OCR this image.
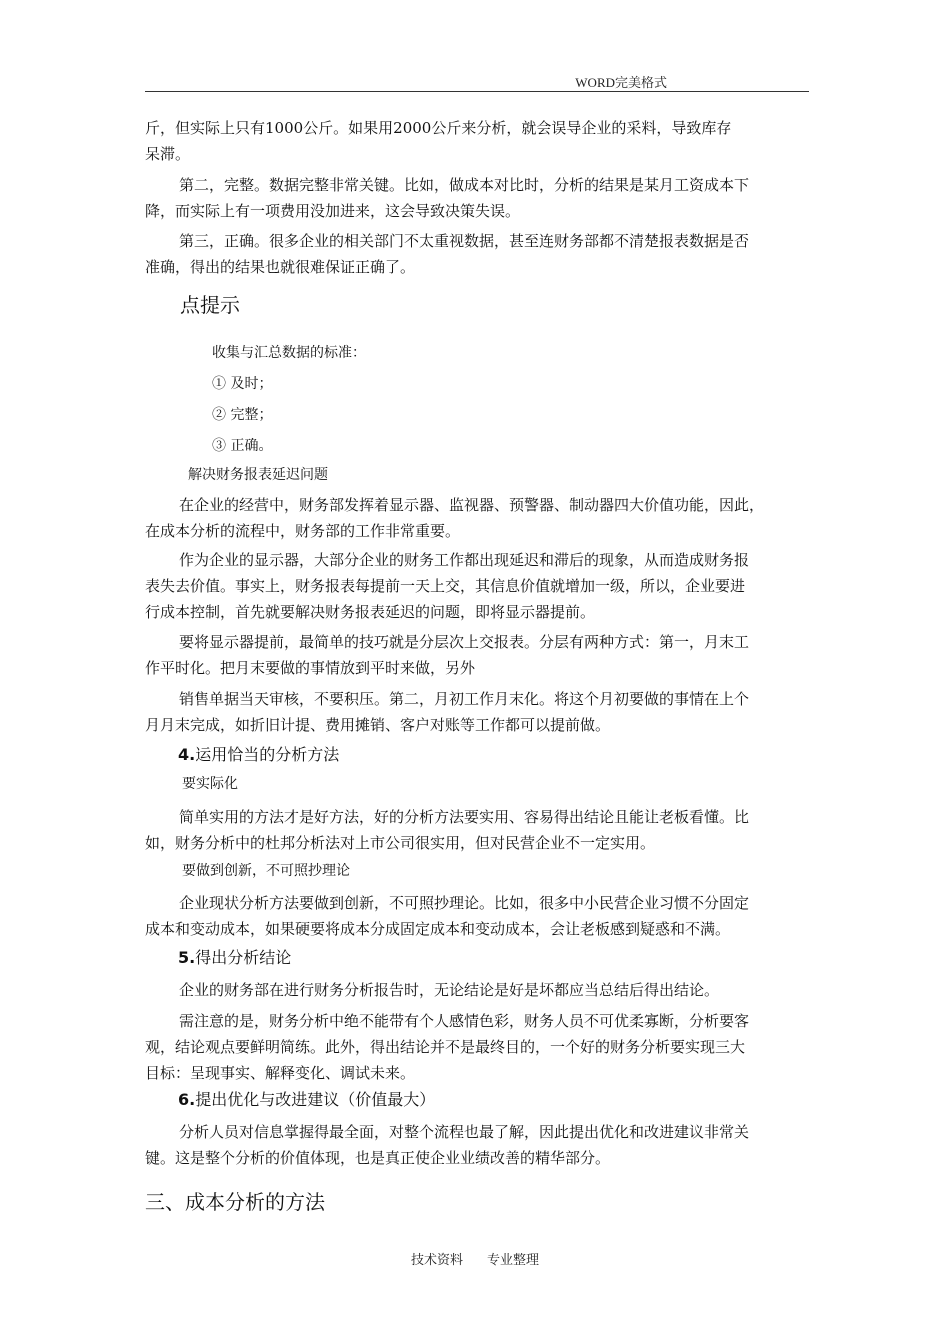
WORD完美格式
斤，但实际上只有1000公斤。如果用2000公斤来分析，就会误导企业的采料，导致库存
呆滞。
第二，完整。数据完整非常关键。比如，做成本对比时，分析的结果是某月工资成本下
降，而实际上有一项费用没加进来，这会导致决策失误。
第三，正确。很多企业的相关部门不太重视数据，甚至连财务部都不清楚报表数据是否
准确，得出的结果也就很难保证正确了。
点提示
收集与汇总数据的标准：
① 及时；
② 完整；
③ 正确。
解决财务报表延迟问题
在企业的经营中，财务部发挥着显示器、监视器、预警器、制动器四大价值功能，因此，
在成本分析的流程中，财务部的工作非常重要。
作为企业的显示器，大部分企业的财务工作都出现延迟和滞后的现象，从而造成财务报
表失去价值。事实上，财务报表每提前一天上交，其信息价值就增加一级，所以，企业要进
行成本控制，首先就要解决财务报表延迟的问题，即将显示器提前。
要将显示器提前，最简单的技巧就是分层次上交报表。分层有两种方式：第一，月末工
作平时化。把月末要做的事情放到平时来做，另外
销售单据当天审核，不要积压。第二，月初工作月末化。将这个月初要做的事情在上个
月月末完成，如折旧计提、费用摊销、客户对账等工作都可以提前做。
4.运用恰当的分析方法
要实际化
简单实用的方法才是好方法，好的分析方法要实用、容易得出结论且能让老板看懂。比
如，财务分析中的杜邦分析法对上市公司很实用，但对民营企业不一定实用。
要做到创新，不可照抄理论
企业现状分析方法要做到创新，不可照抄理论。比如，很多中小民营企业习惯不分固定
成本和变动成本，如果硬要将成本分成固定成本和变动成本，会让老板感到疑惑和不满。
5.得出分析结论
企业的财务部在进行财务分析报告时，无论结论是好是坏都应当总结后得出结论。
需注意的是，财务分析中绝不能带有个人感情色彩，财务人员不可优柔寡断，分析要客
观，结论观点要鲜明简练。此外，得出结论并不是最终目的，一个好的财务分析要实现三大
目标：呈现事实、解释变化、调试未来。
6.提出优化与改进建议（价值最大）
分析人员对信息掌握得最全面，对整个流程也最了解，因此提出优化和改进建议非常关
键。这是整个分析的价值体现，也是真正使企业业绩改善的精华部分。
三、成本分析的方法
技术资料 专业整理
